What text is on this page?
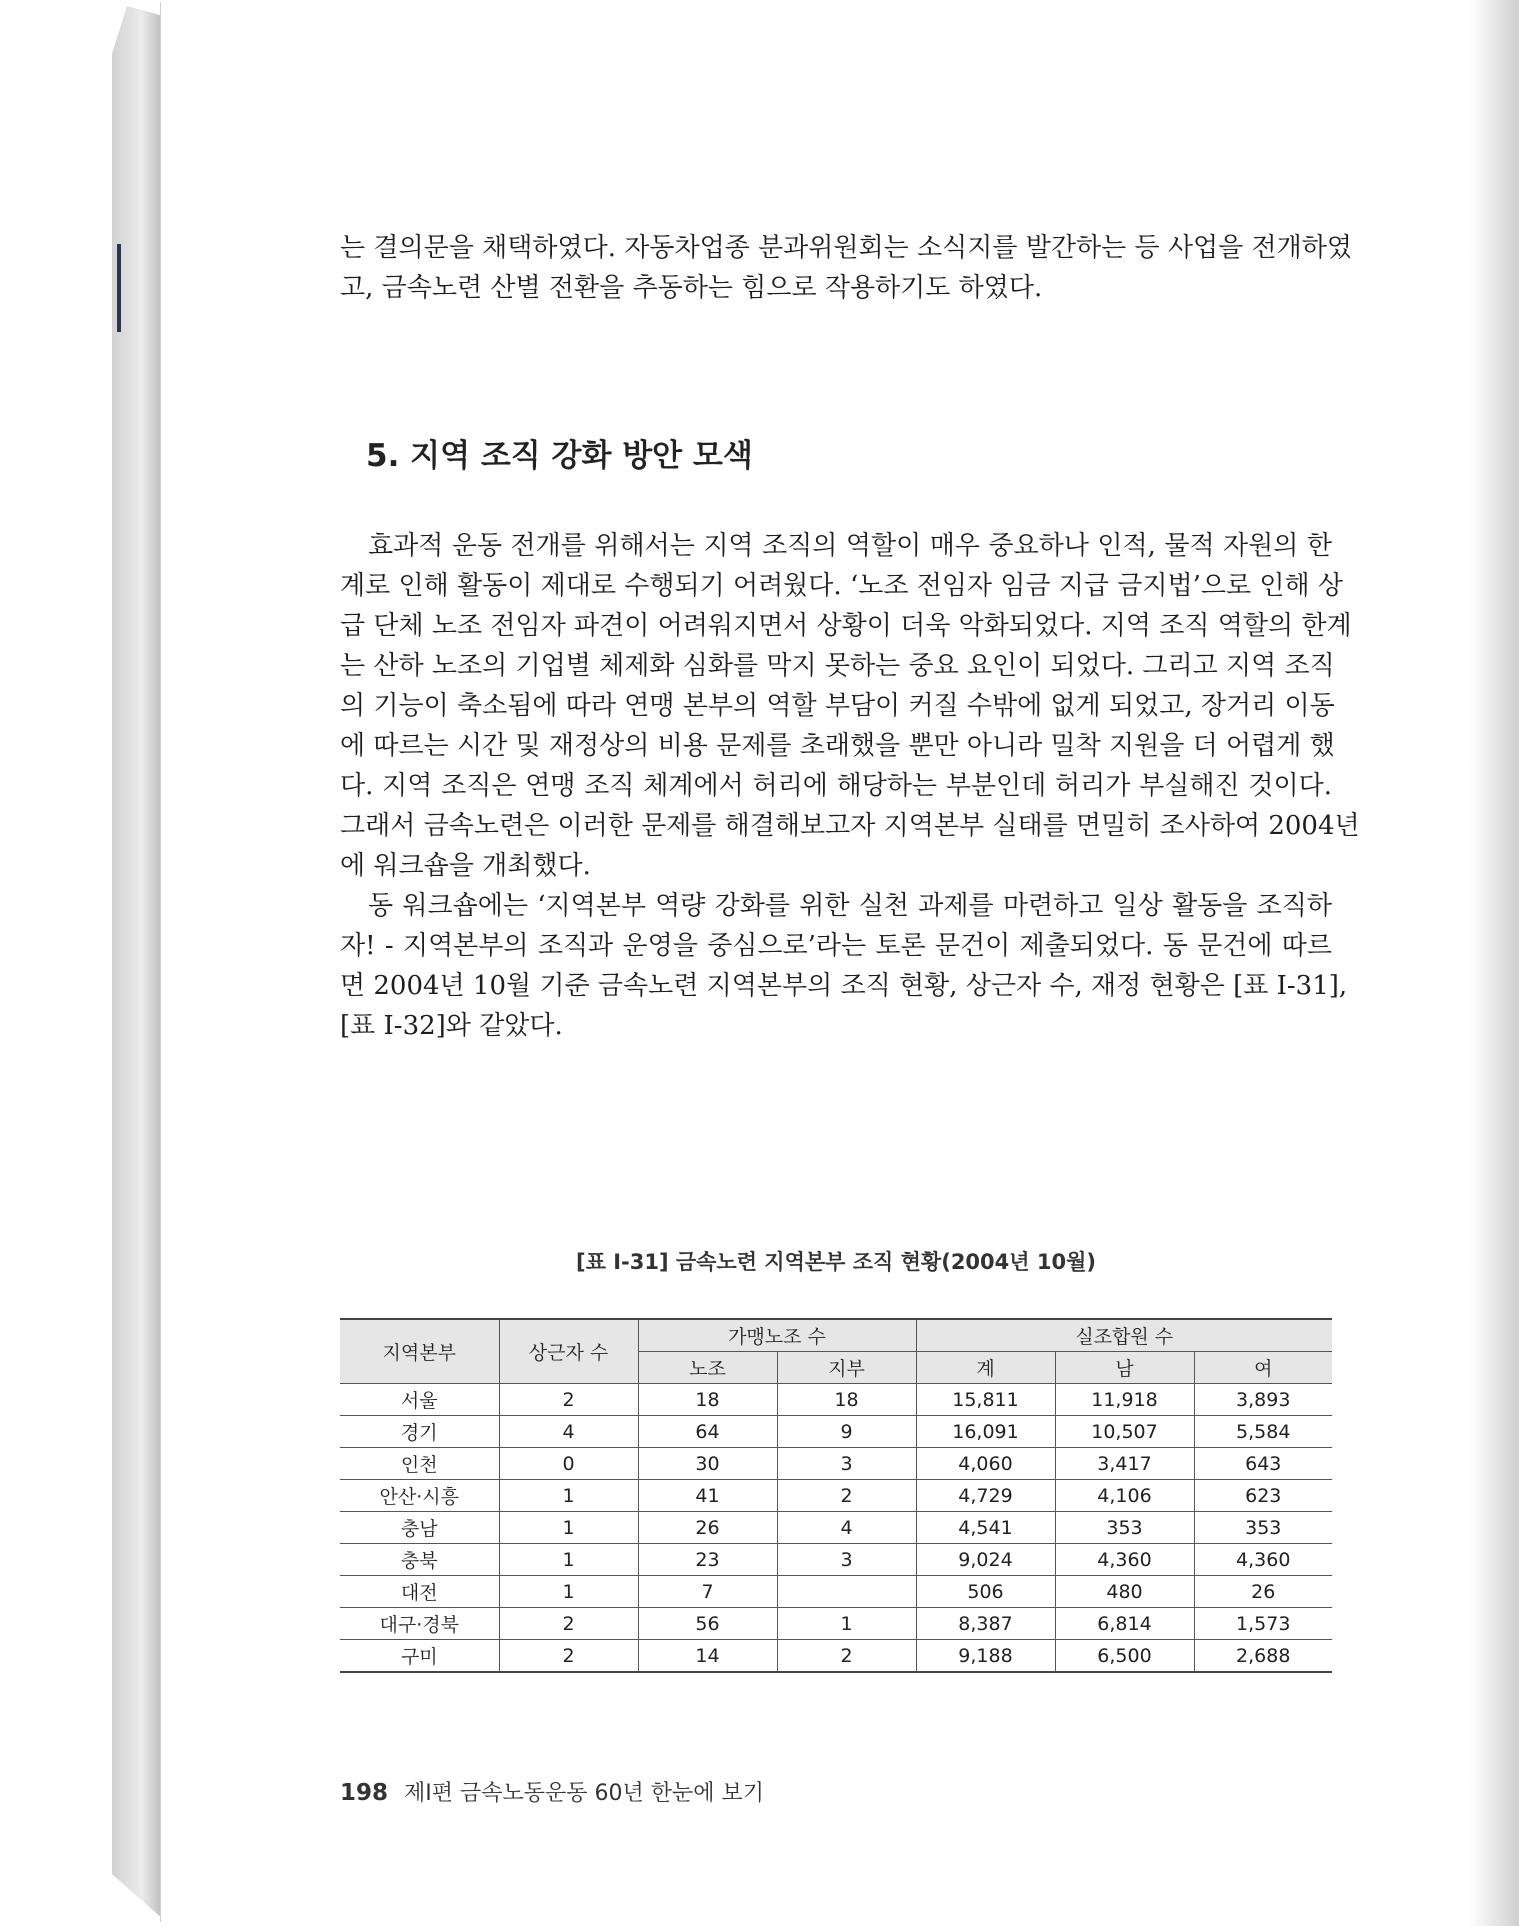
는 결의문을 채택하였다. 자동차업종 분과위원회는 소식지를 발간하는 등 사업을 전개하였
고, 금속노련 산별 전환을 추동하는 힘으로 작용하기도 하였다.
5. 지역 조직 강화 방안 모색
효과적 운동 전개를 위해서는 지역 조직의 역할이 매우 중요하나 인적, 물적 자원의 한
계로 인해 활동이 제대로 수행되기 어려웠다. ‘노조 전임자 임금 지급 금지법’으로 인해 상
급 단체 노조 전임자 파견이 어려워지면서 상황이 더욱 악화되었다. 지역 조직 역할의 한계
는 산하 노조의 기업별 체제화 심화를 막지 못하는 중요 요인이 되었다. 그리고 지역 조직
의 기능이 축소됨에 따라 연맹 본부의 역할 부담이 커질 수밖에 없게 되었고, 장거리 이동
에 따르는 시간 및 재정상의 비용 문제를 초래했을 뿐만 아니라 밀착 지원을 더 어렵게 했
다. 지역 조직은 연맹 조직 체계에서 허리에 해당하는 부분인데 허리가 부실해진 것이다.
그래서 금속노련은 이러한 문제를 해결해보고자 지역본부 실태를 면밀히 조사하여 2004년
에 워크숍을 개최했다.
동 워크숍에는 ‘지역본부 역량 강화를 위한 실천 과제를 마련하고 일상 활동을 조직하
자! - 지역본부의 조직과 운영을 중심으로’라는 토론 문건이 제출되었다. 동 문건에 따르
면 2004년 10월 기준 금속노련 지역본부의 조직 현황, 상근자 수, 재정 현황은 [표 Ⅰ-31],
[표 Ⅰ-32]와 같았다.
[표 Ⅰ-31] 금속노련 지역본부 조직 현황(2004년 10월)
지역본부	상근자 수	가맹노조 수		실조합원 수		
		노조	지부	계	남	여
서울	2	18	18	15,811	11,918	3,893
경기	4	64	9	16,091	10,507	5,584
인천	0	30	3	4,060	3,417	643
안산·시흥	1	41	2	4,729	4,106	623
충남	1	26	4	4,541	353	353
충북	1	23	3	9,024	4,360	4,360
대전	1	7		506	480	26
대구·경북	2	56	1	8,387	6,814	1,573
구미	2	14	2	9,188	6,500	2,688
198 제Ⅰ편 금속노동운동 60년 한눈에 보기
